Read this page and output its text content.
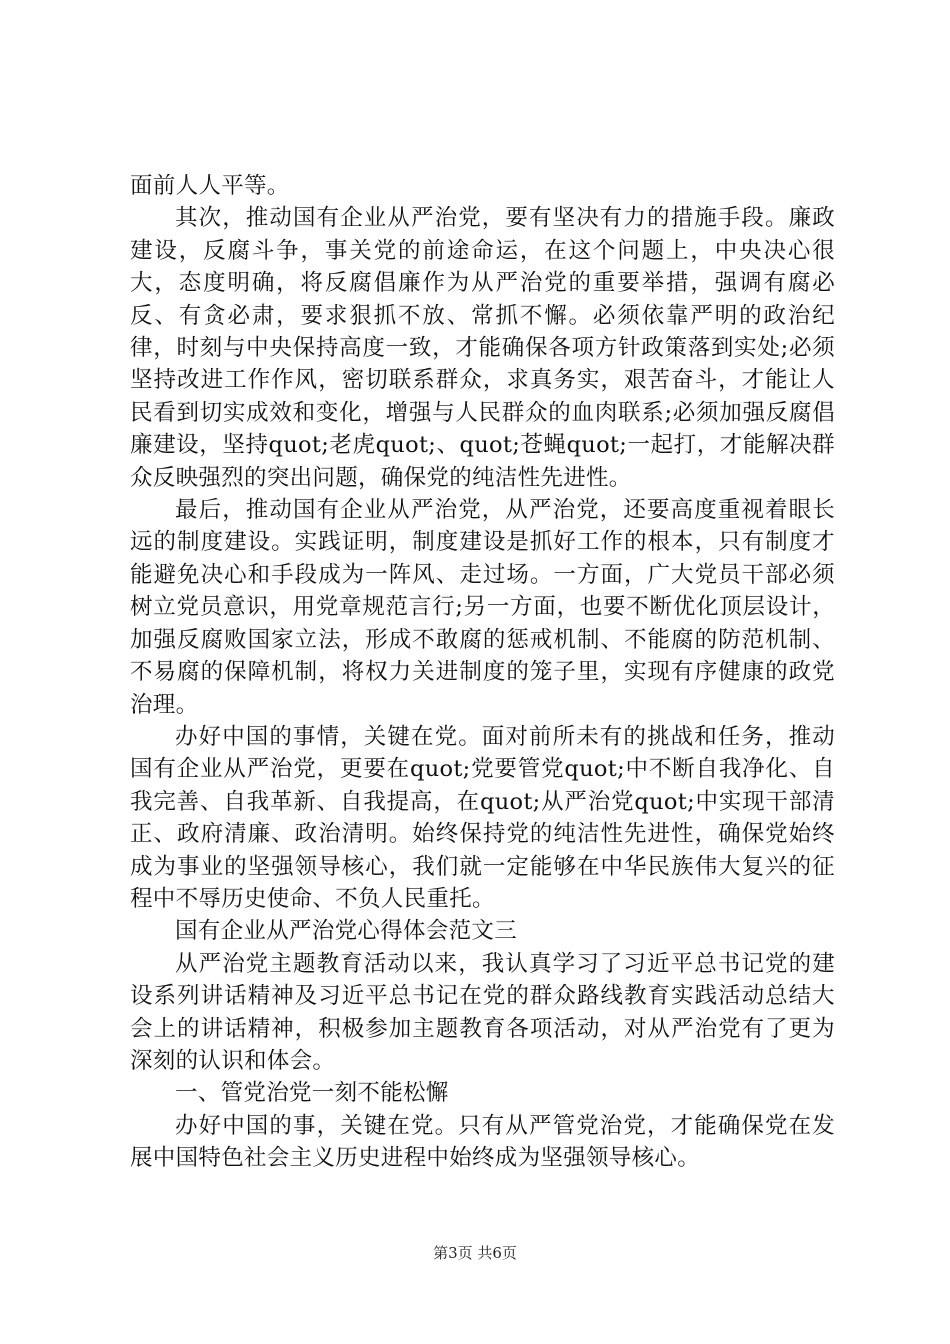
面前人人平等。

其次，推动国有企业从严治党，要有坚决有力的措施手段。廉政建设，反腐斗争，事关党的前途命运，在这个问题上，中央决心很大，态度明确，将反腐倡廉作为从严治党的重要举措，强调有腐必反、有贪必肃，要求狠抓不放、常抓不懈。必须依靠严明的政治纪律，时刻与中央保持高度一致，才能确保各项方针政策落到实处;必须坚持改进工作作风，密切联系群众，求真务实，艰苦奋斗，才能让人民看到切实成效和变化，增强与人民群众的血肉联系;必须加强反腐倡廉建设，坚持quot;老虎quot;、quot;苍蝇quot;一起打，才能解决群众反映强烈的突出问题，确保党的纯洁性先进性。

最后，推动国有企业从严治党，从严治党，还要高度重视着眼长远的制度建设。实践证明，制度建设是抓好工作的根本，只有制度才能避免决心和手段成为一阵风、走过场。一方面，广大党员干部必须树立党员意识，用党章规范言行;另一方面，也要不断优化顶层设计，加强反腐败国家立法，形成不敢腐的惩戒机制、不能腐的防范机制、不易腐的保障机制，将权力关进制度的笼子里，实现有序健康的政党治理。

办好中国的事情，关键在党。面对前所未有的挑战和任务，推动国有企业从严治党，更要在quot;党要管党quot;中不断自我净化、自我完善、自我革新、自我提高，在quot;从严治党quot;中实现干部清正、政府清廉、政治清明。始终保持党的纯洁性先进性，确保党始终成为事业的坚强领导核心，我们就一定能够在中华民族伟大复兴的征程中不辱历史使命、不负人民重托。

国有企业从严治党心得体会范文三

从严治党主题教育活动以来，我认真学习了习近平总书记党的建设系列讲话精神及习近平总书记在党的群众路线教育实践活动总结大会上的讲话精神，积极参加主题教育各项活动，对从严治党有了更为深刻的认识和体会。

一、管党治党一刻不能松懈

办好中国的事，关键在党。只有从严管党治党，才能确保党在发展中国特色社会主义历史进程中始终成为坚强领导核心。

第3页 共6页
